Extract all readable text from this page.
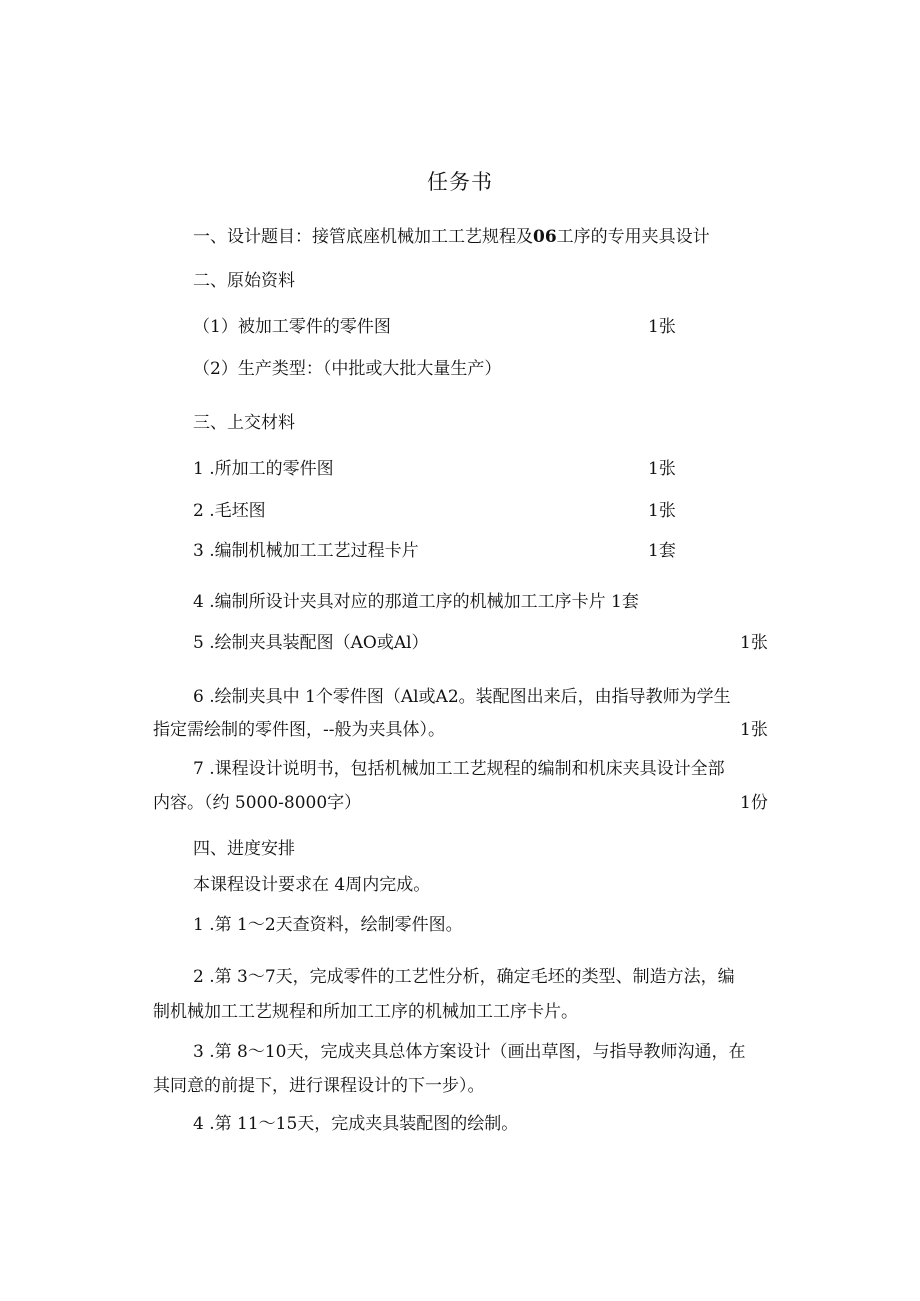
任务书
一、设计题目：接管底座机械加工工艺规程及06工序的专用夹具设计
二、原始资料
（1）被加工零件的零件图	1张
（2）生产类型：（中批或大批大量生产）
三、上交材料
1 .所加工的零件图	1张
2 .毛坯图	1张
3 .编制机械加工工艺过程卡片	1套
4 .编制所设计夹具对应的那道工序的机械加工工序卡片 1套
5 .绘制夹具装配图（AO或Al）	1张
6 .绘制夹具中 1个零件图（Al或A2。装配图出来后，由指导教师为学生
指定需绘制的零件图，--般为夹具体）。	1张
7 .课程设计说明书，包括机械加工工艺规程的编制和机床夹具设计全部
内容。（约 5000-8000字）	1份
四、进度安排
本课程设计要求在 4周内完成。
1 .第 1～2天查资料，绘制零件图。
2 .第 3～7天，完成零件的工艺性分析，确定毛坯的类型、制造方法，编
制机械加工工艺规程和所加工工序的机械加工工序卡片。
3 .第 8～10天，完成夹具总体方案设计（画出草图，与指导教师沟通，在
其同意的前提下，进行课程设计的下一步）。
4 .第 11～15天，完成夹具装配图的绘制。
